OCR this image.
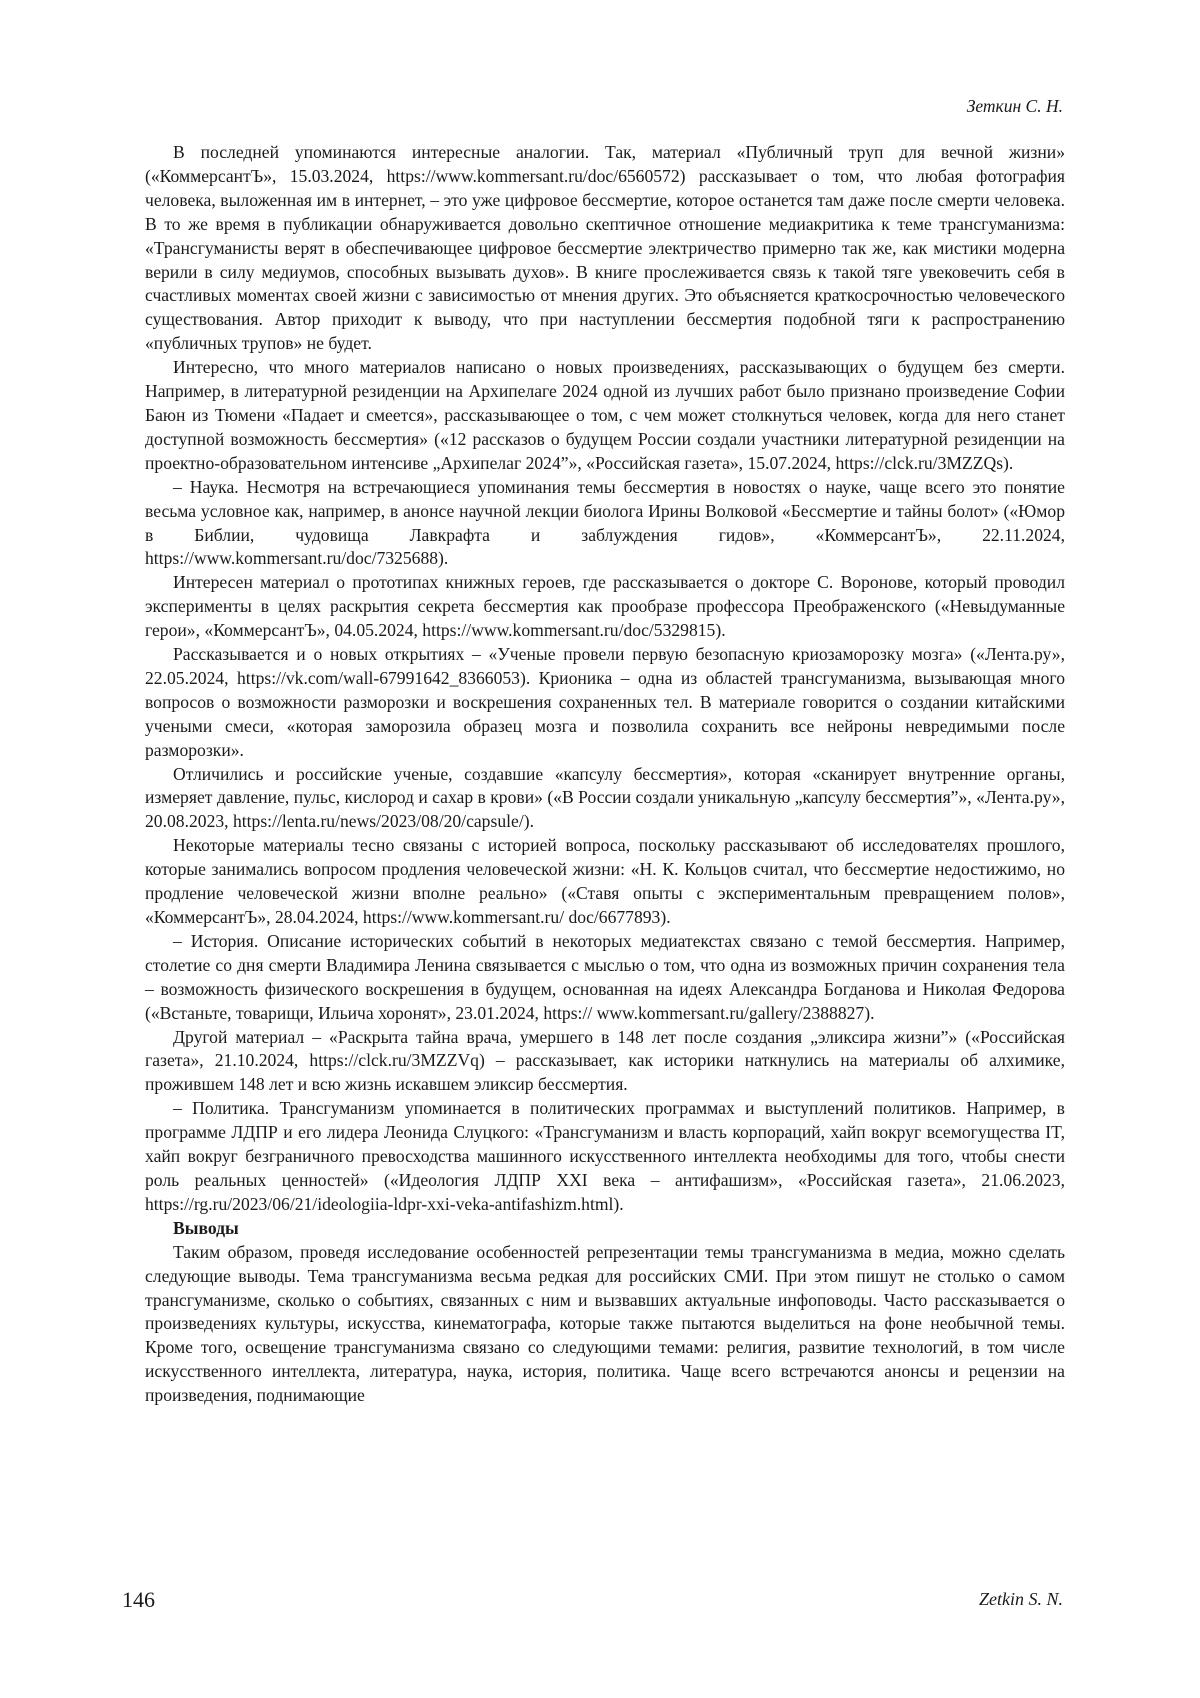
Зеткин С. Н.

В последней упоминаются интересные аналогии. Так, материал «Публичный труп для вечной жизни» («КоммерсантЪ», 15.03.2024, https://www.kommersant.ru/doc/6560572) рассказывает о том, что любая фотография человека, выложенная им в интернет, – это уже цифровое бессмертие, которое останется там даже после смерти человека. В то же время в публикации обнаруживается довольно скептичное отношение медиакритика к теме трансгуманизма: «Трансгуманисты верят в обеспечивающее цифровое бессмертие электричество примерно так же, как мистики модерна верили в силу медиумов, способных вызывать духов». В книге прослеживается связь к такой тяге увековечить себя в счастливых моментах своей жизни с зависимостью от мнения других. Это объясняется краткосрочностью человеческого существования. Автор приходит к выводу, что при наступлении бессмертия подобной тяги к распространению «публичных трупов» не будет.

Интересно, что много материалов написано о новых произведениях, рассказывающих о будущем без смерти. Например, в литературной резиденции на Архипелаге 2024 одной из лучших работ было признано произведение Софии Баюн из Тюмени «Падает и смеется», рассказывающее о том, с чем может столкнуться человек, когда для него станет доступной возможность бессмертия» («12 рассказов о будущем России создали участники литературной резиденции на проектно-образовательном интенсиве „Архипелаг 2024”», «Российская газета», 15.07.2024, https://clck.ru/3MZZQs).

– Наука. Несмотря на встречающиеся упоминания темы бессмертия в новостях о науке, чаще всего это понятие весьма условное как, например, в анонсе научной лекции биолога Ирины Волковой «Бессмертие и тайны болот» («Юмор в Библии, чудовища Лавкрафта и заблуждения гидов», «КоммерсантЪ», 22.11.2024, https://www.kommersant.ru/doc/7325688).

Интересен материал о прототипах книжных героев, где рассказывается о докторе С. Воронове, который проводил эксперименты в целях раскрытия секрета бессмертия как прообразе профессора Преображенского («Невыдуманные герои», «КоммерсантЪ», 04.05.2024, https://www.kommersant.ru/doc/5329815).

Рассказывается и о новых открытиях – «Ученые провели первую безопасную криозаморозку мозга» («Лента.ру», 22.05.2024, https://vk.com/wall-67991642_8366053). Крионика – одна из областей трансгуманизма, вызывающая много вопросов о возможности разморозки и воскрешения сохраненных тел. В материале говорится о создании китайскими учеными смеси, «которая заморозила образец мозга и позволила сохранить все нейроны невредимыми после разморозки».

Отличились и российские ученые, создавшие «капсулу бессмертия», которая «сканирует внутренние органы, измеряет давление, пульс, кислород и сахар в крови» («В России создали уникальную „капсулу бессмертия”», «Лента.ру», 20.08.2023, https://lenta.ru/news/2023/08/20/capsule/).

Некоторые материалы тесно связаны с историей вопроса, поскольку рассказывают об исследователях прошлого, которые занимались вопросом продления человеческой жизни: «Н. К. Кольцов считал, что бессмертие недостижимо, но продление человеческой жизни вполне реально» («Ставя опыты с экспериментальным превращением полов», «КоммерсантЪ», 28.04.2024, https://www.kommersant.ru/ doc/6677893).

– История. Описание исторических событий в некоторых медиатекстах связано с темой бессмертия. Например, столетие со дня смерти Владимира Ленина связывается с мыслью о том, что одна из возможных причин сохранения тела – возможность физического воскрешения в будущем, основанная на идеях Александра Богданова и Николая Федорова («Встаньте, товарищи, Ильича хоронят», 23.01.2024, https:// www.kommersant.ru/gallery/2388827).

Другой материал – «Раскрыта тайна врача, умершего в 148 лет после создания „эликсира жизни”» («Российская газета», 21.10.2024, https://clck.ru/3MZZVq) – рассказывает, как историки наткнулись на материалы об алхимике, прожившем 148 лет и всю жизнь искавшем эликсир бессмертия.

– Политика. Трансгуманизм упоминается в политических программах и выступлений политиков. Например, в программе ЛДПР и его лидера Леонида Слуцкого: «Трансгуманизм и власть корпораций, хайп вокруг всемогущества IT, хайп вокруг безграничного превосходства машинного искусственного интеллекта необходимы для того, чтобы снести роль реальных ценностей» («Идеология ЛДПР XXI века – антифашизм», «Российская газета», 21.06.2023, https://rg.ru/2023/06/21/ideologiia-ldpr-xxi-veka-antifashizm.html).

Выводы

Таким образом, проведя исследование особенностей репрезентации темы трансгуманизма в медиа, можно сделать следующие выводы. Тема трансгуманизма весьма редкая для российских СМИ. При этом пишут не столько о самом трансгуманизме, сколько о событиях, связанных с ним и вызвавших актуальные инфоповоды. Часто рассказывается о произведениях культуры, искусства, кинематографа, которые также пытаются выделиться на фоне необычной темы. Кроме того, освещение трансгуманизма связано со следующими темами: религия, развитие технологий, в том числе искусственного интеллекта, литература, наука, история, политика. Чаще всего встречаются анонсы и рецензии на произведения, поднимающие

146	Zetkin S. N.
